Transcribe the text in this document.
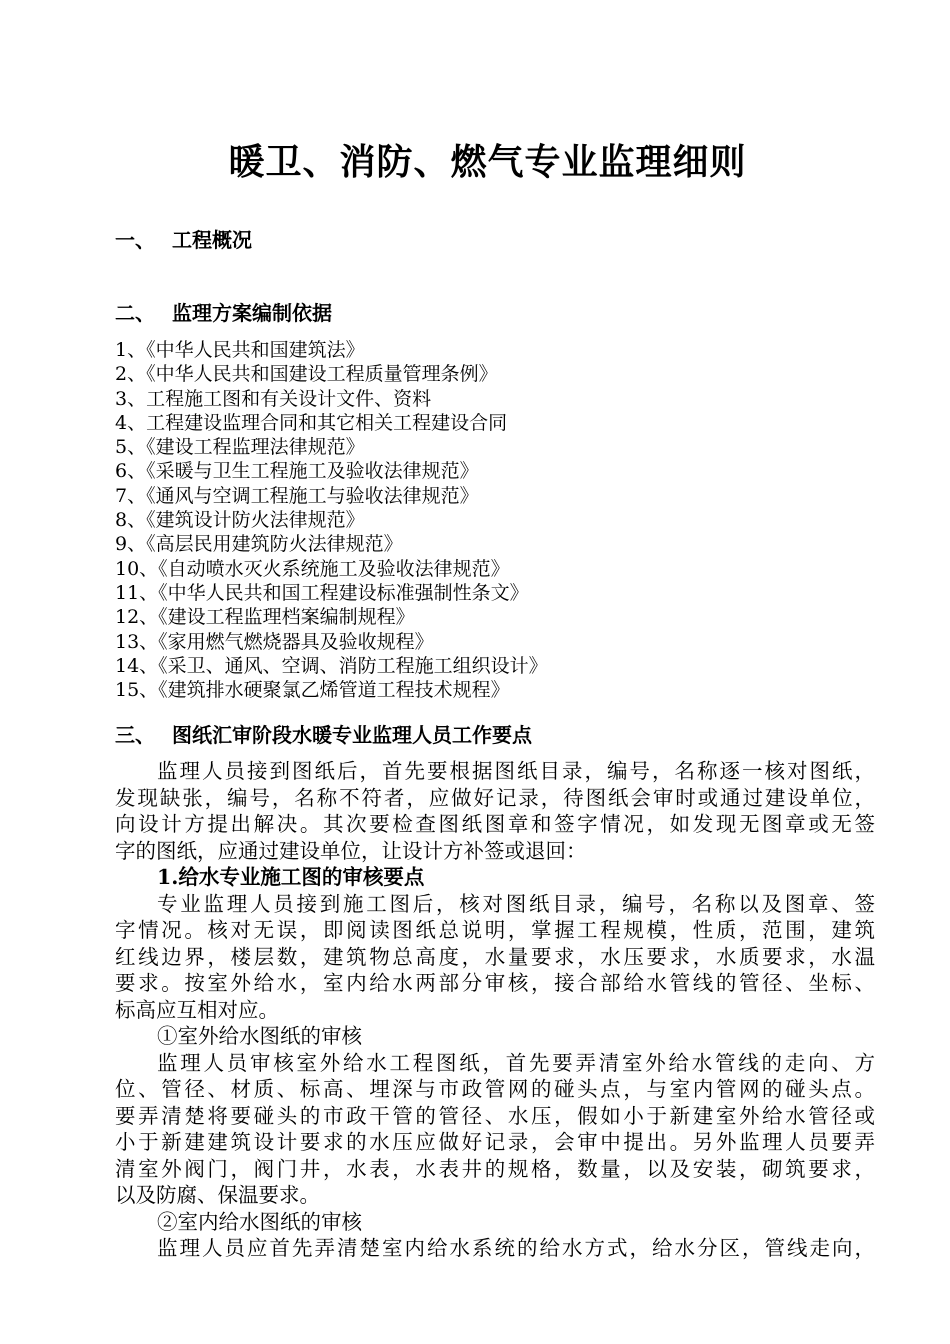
暖卫、消防、燃气专业监理细则
一、 工程概况
二、 监理方案编制依据
1、《中华人民共和国建筑法》
2、《中华人民共和国建设工程质量管理条例》
3、工程施工图和有关设计文件、资料
4、工程建设监理合同和其它相关工程建设合同
5、《建设工程监理法律规范》
6、《采暖与卫生工程施工及验收法律规范》
7、《通风与空调工程施工与验收法律规范》
8、《建筑设计防火法律规范》
9、《高层民用建筑防火法律规范》
10、《自动喷水灭火系统施工及验收法律规范》
11、《中华人民共和国工程建设标准强制性条文》
12、《建设工程监理档案编制规程》
13、《家用燃气燃烧器具及验收规程》
14、《采卫、通风、空调、消防工程施工组织设计》
15、《建筑排水硬聚氯乙烯管道工程技术规程》
三、 图纸汇审阶段水暖专业监理人员工作要点
监理人员接到图纸后，首先要根据图纸目录，编号，名称逐一核对图纸，
发现缺张，编号，名称不符者，应做好记录，待图纸会审时或通过建设单位，
向设计方提出解决。其次要检查图纸图章和签字情况，如发现无图章或无签
字的图纸，应通过建设单位，让设计方补签或退回：
1.给水专业施工图的审核要点
专业监理人员接到施工图后，核对图纸目录，编号，名称以及图章、签
字情况。核对无误，即阅读图纸总说明，掌握工程规模，性质，范围，建筑
红线边界，楼层数，建筑物总高度，水量要求，水压要求，水质要求，水温
要求。按室外给水，室内给水两部分审核，接合部给水管线的管径、坐标、
标高应互相对应。
①室外给水图纸的审核
监理人员审核室外给水工程图纸，首先要弄清室外给水管线的走向、方
位、管径、材质、标高、埋深与市政管网的碰头点，与室内管网的碰头点。
要弄清楚将要碰头的市政干管的管径、水压，假如小于新建室外给水管径或
小于新建建筑设计要求的水压应做好记录，会审中提出。另外监理人员要弄
清室外阀门，阀门井，水表，水表井的规格，数量，以及安装，砌筑要求，
以及防腐、保温要求。
②室内给水图纸的审核
监理人员应首先弄清楚室内给水系统的给水方式，给水分区，管线走向，
